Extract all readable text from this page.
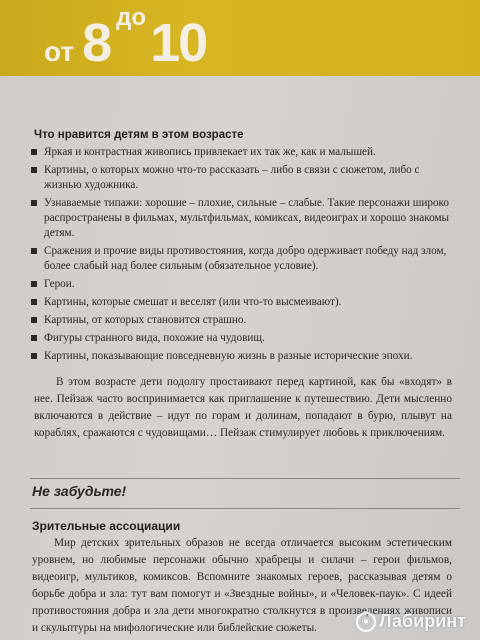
от 8 до 10
Что нравится детям в этом возрасте
Яркая и контрастная живопись привлекает их так же, как и малышей.
Картины, о которых можно что-то рассказать – либо в связи с сюжетом, либо с жизнью художника.
Узнаваемые типажи: хорошие – плохие, сильные – слабые. Такие персонажи широко распространены в фильмах, мультфильмах, комиксах, видеоиграх и хорошо знакомы детям.
Сражения и прочие виды противостояния, когда добро одерживает победу над злом, более слабый над более сильным (обязательное условие).
Герои.
Картины, которые смешат и веселят (или что-то высмеивают).
Картины, от которых становится страшно.
Фигуры странного вида, похожие на чудовищ.
Картины, показывающие повседневную жизнь в разные исторические эпохи.

В этом возрасте дети подолгу простаивают перед картиной, как бы «входят» в нее. Пейзаж часто воспринимается как приглашение к путешествию. Дети мысленно включаются в действие – идут по горам и долинам, попадают в бурю, плывут на кораблях, сражаются с чудовищами… Пейзаж стимулирует любовь к приключениям.

Не забудьте!
Зрительные ассоциации

Мир детских зрительных образов не всегда отличается высоким эстетическим уровнем, но любимые персонажи обычно храбрецы и силачи – герои фильмов, видеоигр, мультиков, комиксов. Вспомните знакомых героев, рассказывая детям о борьбе добра и зла: тут вам помогут и «Звездные войны», и «Человек-паук». С идеей противостояния добра и зла дети многократно столкнутся в произведениях живописи и скульптуры на мифологические или библейские сюжеты.

◉ Лабиринт
